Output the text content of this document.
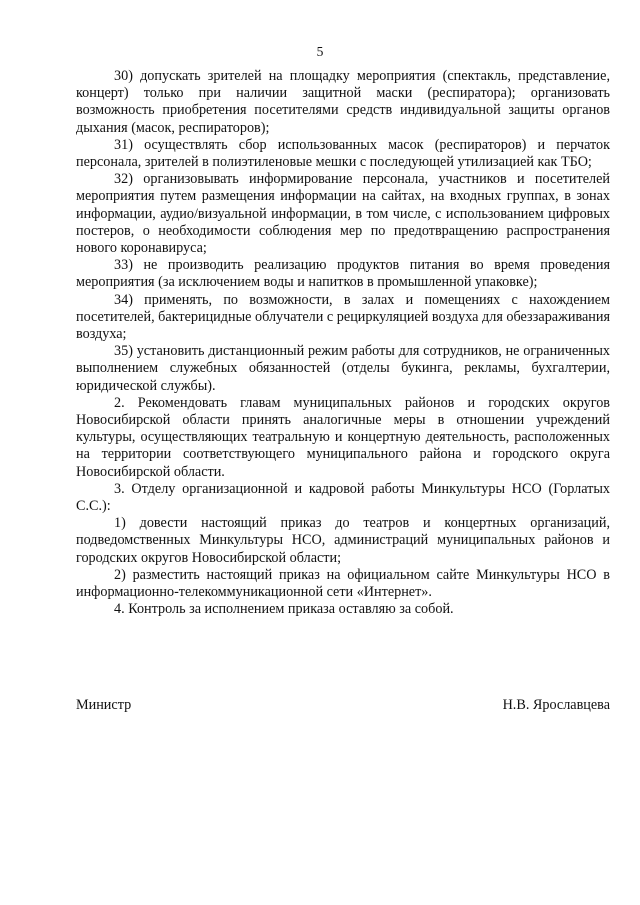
5

30) допускать зрителей на площадку мероприятия (спектакль, представление, концерт) только при наличии защитной маски (респиратора); организовать возможность приобретения посетителями средств индивидуальной защиты органов дыхания (масок, респираторов);

31) осуществлять сбор использованных масок (респираторов) и перчаток персонала, зрителей в полиэтиленовые мешки с последующей утилизацией как ТБО;

32) организовывать информирование персонала, участников и посетителей мероприятия путем размещения информации на сайтах, на входных группах, в зонах информации, аудио/визуальной информации, в том числе, с использованием цифровых постеров, о необходимости соблюдения мер по предотвращению распространения нового коронавируса;

33) не производить реализацию продуктов питания во время проведения мероприятия (за исключением воды и напитков в промышленной упаковке);

34) применять, по возможности, в залах и помещениях с нахождением посетителей, бактерицидные облучатели с рециркуляцией воздуха для обеззараживания воздуха;

35) установить дистанционный режим работы для сотрудников, не ограниченных выполнением служебных обязанностей (отделы букинга, рекламы, бухгалтерии, юридической службы).

2. Рекомендовать главам муниципальных районов и городских округов Новосибирской области принять аналогичные меры в отношении учреждений культуры, осуществляющих театральную и концертную деятельность, расположенных на территории соответствующего муниципального района и городского округа Новосибирской области.

3. Отделу организационной и кадровой работы Минкультуры НСО (Горлатых С.С.):

1) довести настоящий приказ до театров и концертных организаций, подведомственных Минкультуры НСО, администраций муниципальных районов и городских округов Новосибирской области;

2) разместить настоящий приказ на официальном сайте Минкультуры НСО в информационно-телекоммуникационной сети «Интернет».

4. Контроль за исполнением приказа оставляю за собой.

Министр	Н.В. Ярославцева
